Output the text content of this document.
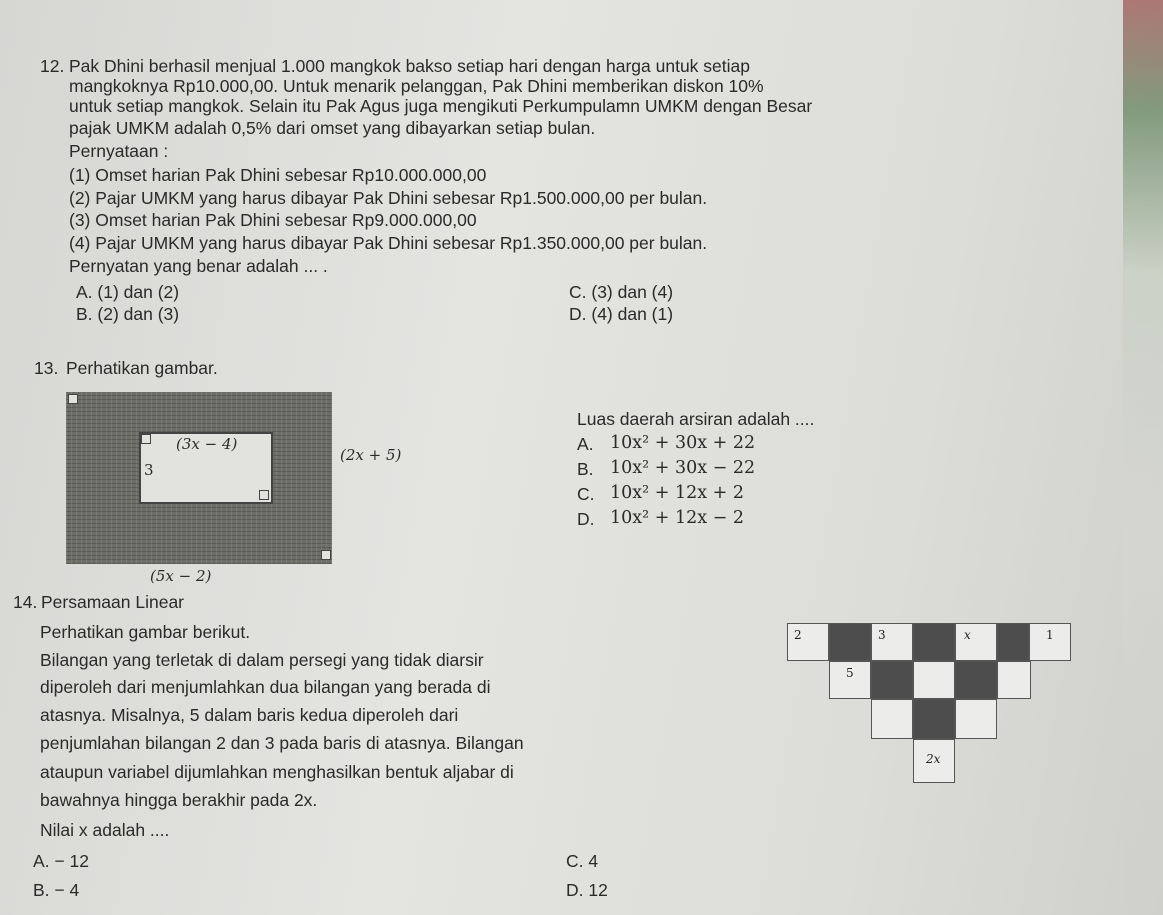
12. Pak Dhini berhasil menjual 1.000 mangkok bakso setiap hari dengan harga untuk setiap
mangkoknya Rp10.000,00. Untuk menarik pelanggan, Pak Dhini memberikan diskon 10%
untuk setiap mangkok. Selain itu Pak Agus juga mengikuti Perkumpulamn UMKM dengan Besar
pajak UMKM adalah 0,5% dari omset yang dibayarkan setiap bulan.
Pernyataan :
(1) Omset harian Pak Dhini sebesar Rp10.000.000,00
(2) Pajar UMKM yang harus dibayar Pak Dhini sebesar Rp1.500.000,00 per bulan.
(3) Omset harian Pak Dhini sebesar Rp9.000.000,00
(4) Pajar UMKM yang harus dibayar Pak Dhini sebesar Rp1.350.000,00 per bulan.
Pernyatan yang benar adalah ... .
A. (1) dan (2)	C. (3) dan (4)
B. (2) dan (3)	D. (4) dan (1)
13. Perhatikan gambar.
(3x − 4)
3
(2x + 5)
(5x − 2)
Luas daerah arsiran adalah ....
A. 10x² + 30x + 22
B. 10x² + 30x − 22
C. 10x² + 12x + 2
D. 10x² + 12x − 2
14. Persamaan Linear
Perhatikan gambar berikut.
Bilangan yang terletak di dalam persegi yang tidak diarsir
diperoleh dari menjumlahkan dua bilangan yang berada di
atasnya. Misalnya, 5 dalam baris kedua diperoleh dari
penjumlahan bilangan 2 dan 3 pada baris di atasnya. Bilangan
ataupun variabel dijumlahkan menghasilkan bentuk aljabar di
bawahnya hingga berakhir pada 2x.
Nilai x adalah ....
A. − 12	C. 4
B. − 4	D. 12
2	3	x	1
5
2x
